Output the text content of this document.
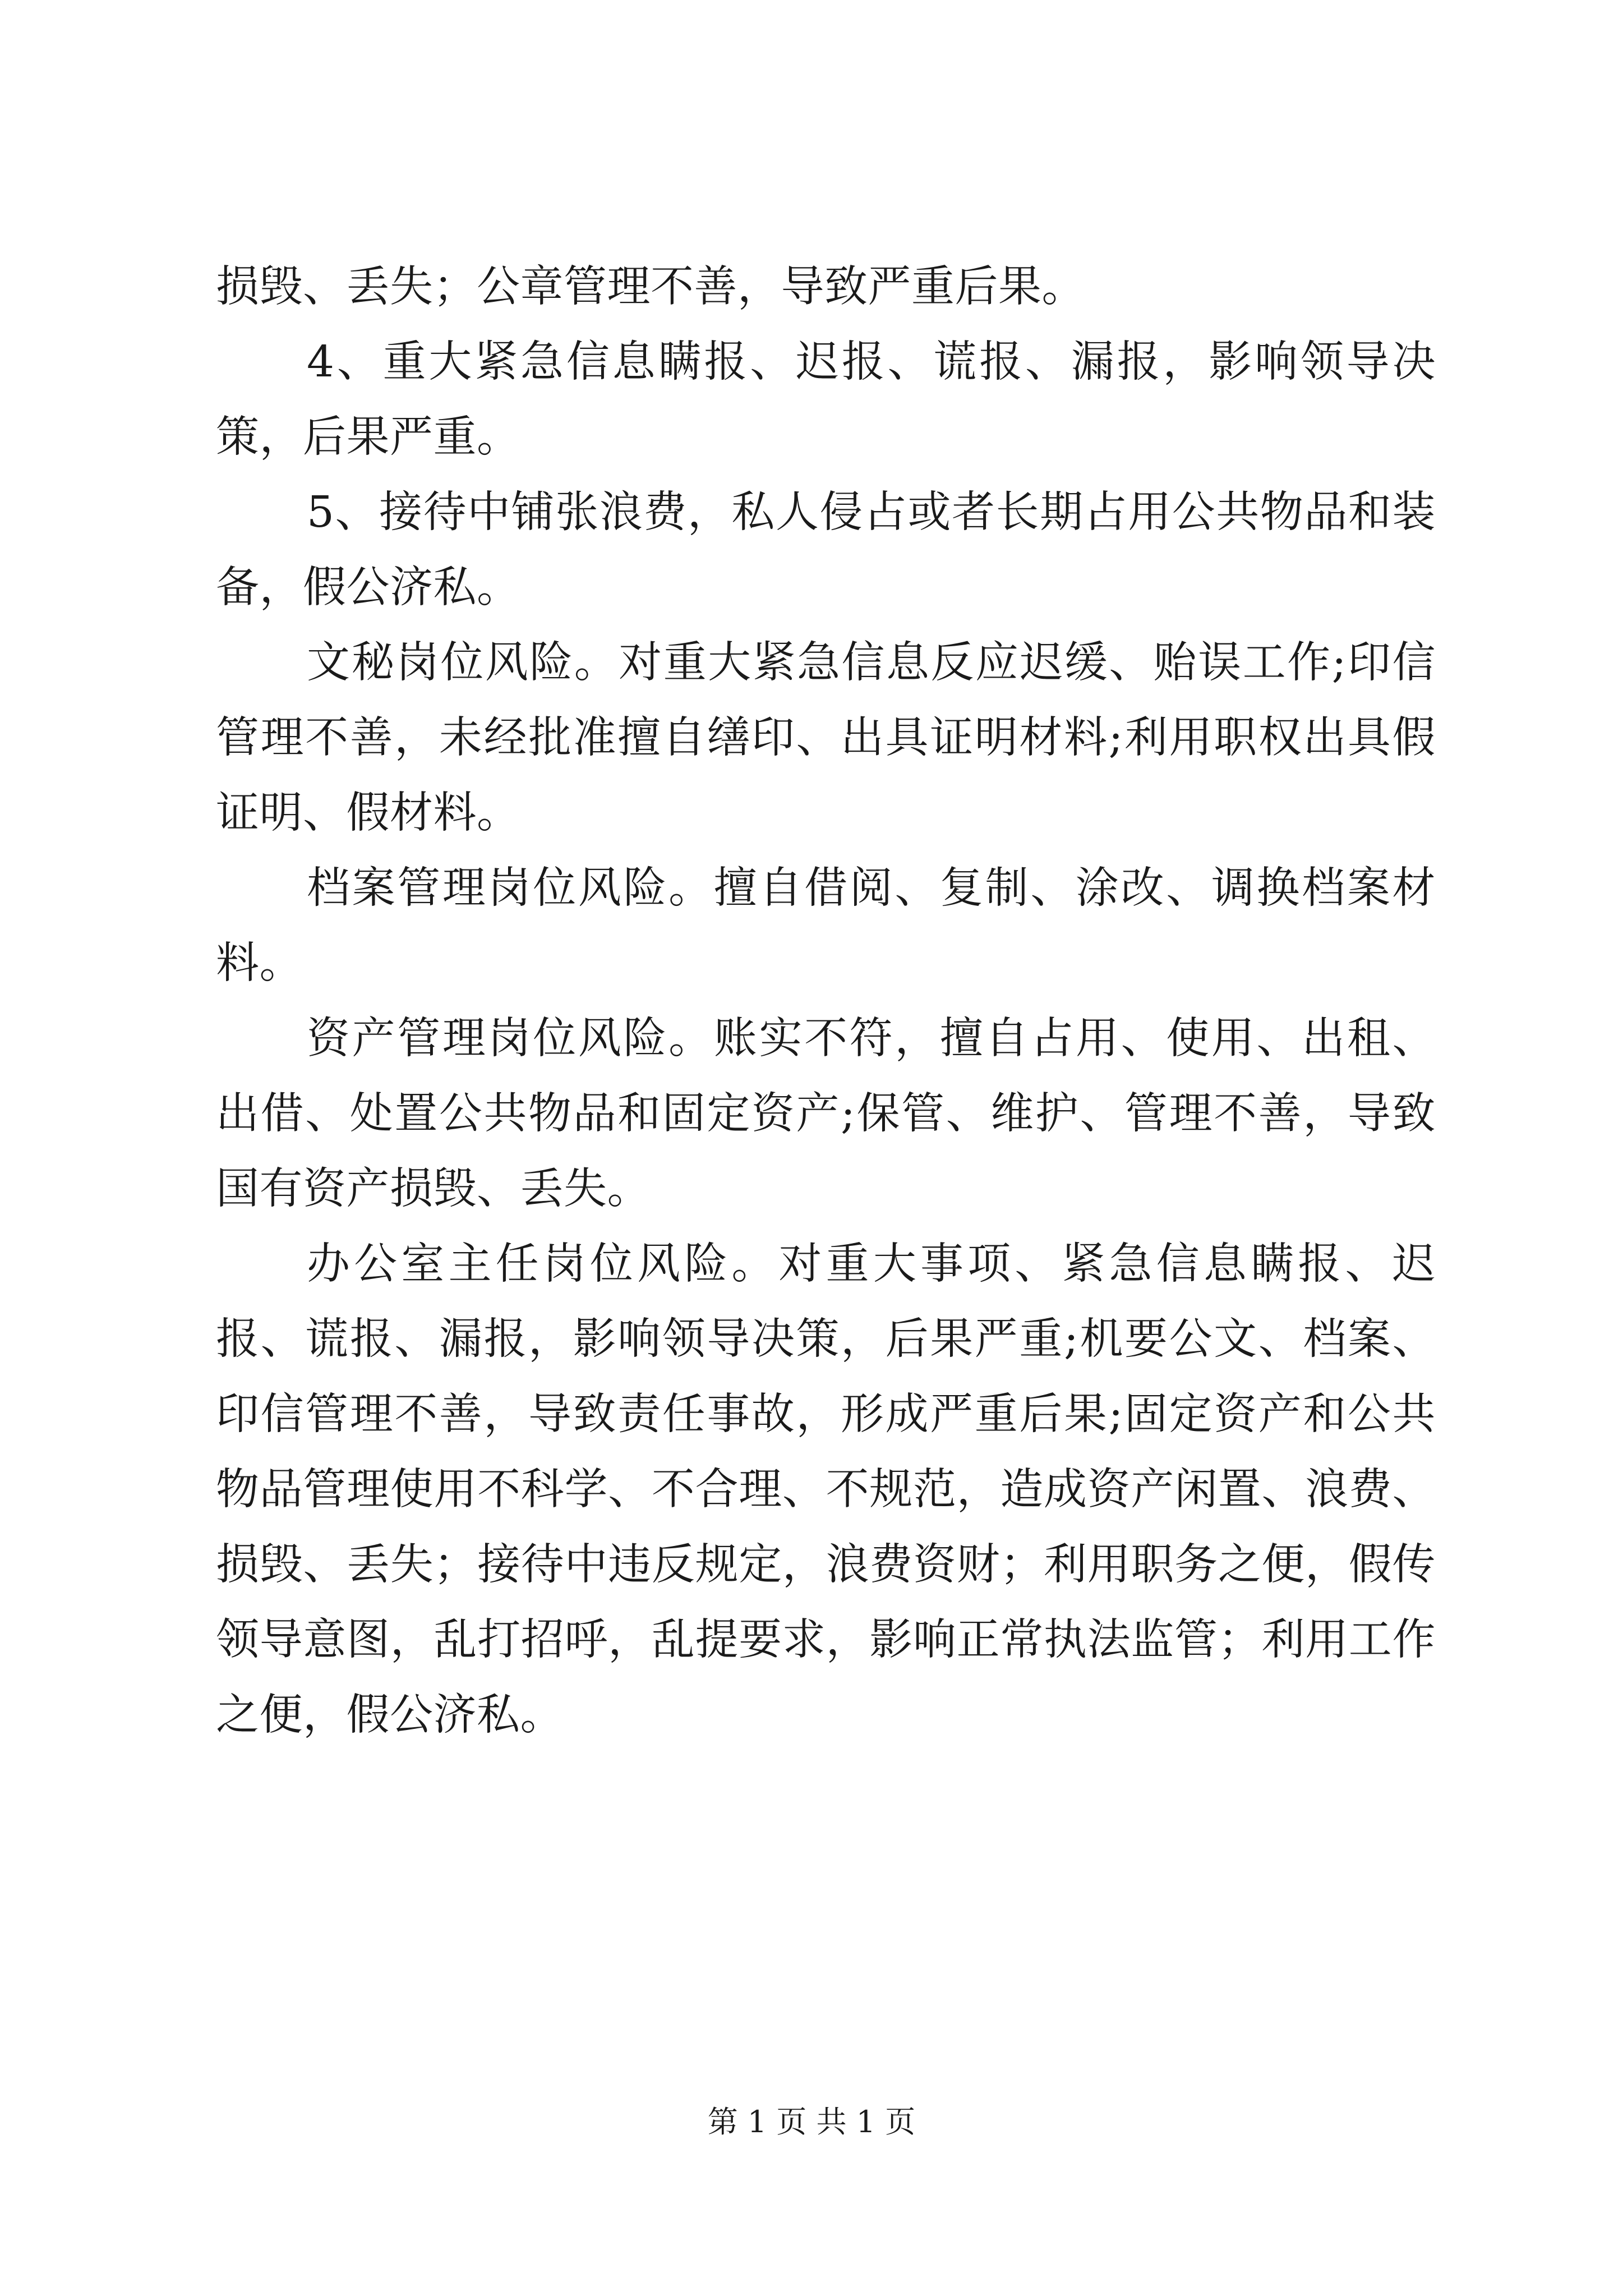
损毁、丢失；公章管理不善，导致严重后果。

4、重大紧急信息瞒报、迟报、谎报、漏报，影响领导决策，后果严重。

5、接待中铺张浪费，私人侵占或者长期占用公共物品和装备，假公济私。

文秘岗位风险。对重大紧急信息反应迟缓、贻误工作;印信管理不善，未经批准擅自缮印、出具证明材料;利用职权出具假证明、假材料。

档案管理岗位风险。擅自借阅、复制、涂改、调换档案材料。

资产管理岗位风险。账实不符，擅自占用、使用、出租、出借、处置公共物品和固定资产;保管、维护、管理不善，导致国有资产损毁、丢失。

办公室主任岗位风险。对重大事项、紧急信息瞒报、迟报、谎报、漏报，影响领导决策，后果严重;机要公文、档案、印信管理不善，导致责任事故，形成严重后果;固定资产和公共物品管理使用不科学、不合理、不规范，造成资产闲置、浪费、损毁、丢失；接待中违反规定，浪费资财；利用职务之便，假传领导意图，乱打招呼，乱提要求，影响正常执法监管；利用工作之便，假公济私。

第 1 页 共 1 页
